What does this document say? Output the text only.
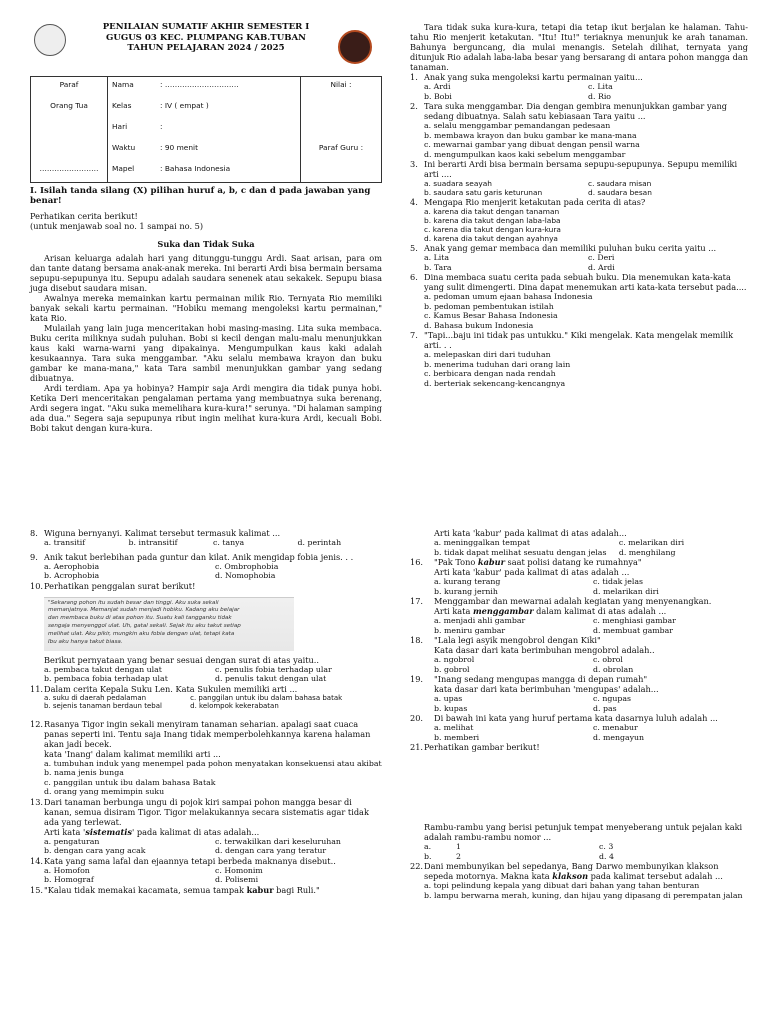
PENILAIAN SUMATIF AKHIR SEMESTER I
GUGUS 03 KEC. PLUMPANG KAB.TUBAN
TAHUN PELAJARAN 2024 / 2025
Paraf	Nama	: …………………………	Nilai :
Orang Tua	Kelas	: IV ( empat )	
	Hari	:	
	Waktu	: 90 menit	Paraf Guru :
……………………	Mapel	: Bahasa Indonesia	
I. Isilah tanda silang (X) pilihan huruf a, b, c dan d pada jawaban yang benar!

Perhatikan cerita berikut!

(untuk menjawab soal no. 1 sampai no. 5)

Suka dan Tidak Suka

Arisan keluarga adalah hari yang ditunggu-tunggu Ardi. Saat arisan, para om dan tante datang bersama anak-anak mereka. Ini berarti Ardi bisa bermain bersama sepupu-sepupunya itu. Sepupu adalah saudara senenek atau sekakek. Sepupu biasa juga disebut saudara misan.

Awalnya mereka memainkan kartu permainan milik Rio. Ternyata Rio memiliki banyak sekali kartu permainan. "Hobiku memang mengoleksi kartu permainan," kata Rio.

Mulailah yang lain juga menceritakan hobi masing-masing. Lita suka membaca. Buku cerita miliknya sudah puluhan. Bobi si kecil dengan malu-malu menunjukkan kaus kaki warna-warni yang dipakainya. Mengumpulkan kaus kaki adalah kesukaannya. Tara suka menggambar. "Aku selalu membawa krayon dan buku gambar ke mana-mana," kata Tara sambil menunjukkan gambar yang sedang dibuatnya.

Ardi terdiam. Apa ya hobinya? Hampir saja Ardi mengira dia tidak punya hobi. Ketika Deri menceritakan pengalaman pertama yang membuatnya suka berenang, Ardi segera ingat. "Aku suka memelihara kura-kura!" serunya. "Di halaman samping ada dua." Segera saja sepupunya ribut ingin melihat kura-kura Ardi, kecuali Bobi. Bobi takut dengan kura-kura.

Tara tidak suka kura-kura, tetapi dia tetap ikut berjalan ke halaman. Tahu-tahu Rio menjerit ketakutan. "Itu! Itu!" teriaknya menunjuk ke arah tanaman. Bahunya berguncang, dia mulai menangis. Setelah dilihat, ternyata yang ditunjuk Rio adalah laba-laba besar yang bersarang di antara pohon mangga dan tanaman.

1. Anak yang suka mengoleksi kartu permainan yaitu...
a. Ardi	c. Lita
b. Bobi	d. Rio
2. Tara suka menggambar. Dia dengan gembira menunjukkan gambar yang sedang dibuatnya. Salah satu kebiasaan Tara yaitu ...
a. selalu menggambar pemandangan pedesaan
b. membawa krayon dan buku gambar ke mana-mana
c. mewarnai gambar yang dibuat dengan pensil warna
d. mengumpulkan kaos kaki sebelum menggambar
3. Ini berarti Ardi bisa bermain bersama sepupu-sepupunya. Sepupu memiliki arti ....
a. suadara seayah	c. saudara misan
b. saudara satu garis keturunan	d. saudara besan
4. Mengapa Rio menjerit ketakutan pada cerita di atas?
a. karena dia takut dengan tanaman
b. karena dia takut dengan laba-laba
c. karena dia takut dengan kura-kura
d. karena dia takut dengan ayahnya
5. Anak yang gemar membaca dan memiliki puluhan buku cerita yaitu ...
a. Lita	c. Deri
b. Tara	d. Ardi
6. Dina membaca suatu cerita pada sebuah buku. Dia menemukan kata-kata yang sulit dimengerti. Dina dapat menemukan arti kata-kata tersebut pada....
a. pedoman umum ejaan bahasa Indonesia
b. pedoman pembentukan istilah
c. Kamus Besar Bahasa Indonesia
d. Bahasa bukum Indonesia
7. "Tapi...baju ini tidak pas untukku." Kiki mengelak. Kata mengelak memilik arti. . .
a. melepaskan diri dari tuduhan
b. menerima tuduhan dari orang lain
c. berbicara dengan nada rendah
d. berteriak sekencang-kencangnya
8. Wiguna bernyanyi. Kalimat tersebut termasuk kalimat ...
a. transitif	b. intransitif	c. tanya	d. perintah
9. Anik takut berlebihan pada guntur dan kilat. Anik mengidap fobia jenis. . .
a. Aerophobia	c. Ombrophobia
b. Acrophobia	d. Nomophobia
10. Perhatikan penggalan surat berikut!
"Sekarang pohon itu sudah besar dan tinggi. Aku suka sekali
memanjatnya. Memanjat sudah menjadi hobiku. Kadang aku belajar
dan membaca buku di atas pohon itu. Suatu kali tangganku tidak
sengaja menyenggol ulat. Uh, gatal sekali. Sejak itu aku takut setiap
melihat ulat. Aku pikir, mungkin aku fobia dengan ulat, tetapi kata
Ibu aku hanya takut biasa.
Berikut pernyataan yang benar sesuai dengan surat di atas yaitu..
a. pembaca takut dengan ulat	c. penulis fobia terhadap ular
b. pembaca fobia terhadap ulat	d. penulis takut dengan ulat
11. Dalam cerita Kepala Suku Len. Kata Sukulen memiliki arti ...
a. suku di daerah pedalaman	c. panggilan untuk ibu dalam bahasa batak
b. sejenis tanaman berdaun tebal	d. kelompok kekerabatan
12. Rasanya Tigor ingin sekali menyiram tanaman seharian. apalagi saat cuaca panas seperti ini. Tentu saja Inang tidak memperbolehkannya karena halaman akan jadi becek.
kata 'Inang' dalam kalimat memiliki arti ...
a. tumbuhan induk yang menempel pada pohon menyatakan konsekuensi atau akibat
b. nama jenis bunga
c. panggilan untuk ibu dalam bahasa Batak
d. orang yang memimpin suku
13. Dari tanaman berbunga ungu di pojok kiri sampai pohon mangga besar di kanan, semua disiram Tigor. Tigor melakukannya secara sistematis agar tidak ada yang terlewat.
Arti kata 'sistematis' pada kalimat di atas adalah...
a. pengaturan	c. terwakilkan dari keseluruhan
b. dengan cara yang acak	d. dengan cara yang teratur
14. Kata yang sama lafal dan ejaannya tetapi berbeda maknanya disebut..
a. Homofon	c. Homonim
b. Homograf	d. Polisemi
15. "Kalau tidak memakai kacamata, semua tampak kabur bagi Ruli."
Arti kata 'kabur' pada kalimat di atas adalah...
a. meninggalkan tempat	c. melarikan diri
b. tidak dapat melihat sesuatu dengan jelas	d. menghilang
16.	"Pak Tono kabur saat polisi datang ke rumahnya"
Arti kata 'kabur' pada kalimat di atas adalah ...
a. kurang terang	c. tidak jelas
b. kurang jernih	d. melarikan diri
17.	Menggambar dan mewarnai adalah kegiatan yang menyenangkan.
Arti kata menggambar dalam kalimat di atas adalah ...
a. menjadi ahli gambar	c. menghiasi gambar
b. meniru gambar	d. membuat gambar
18.	"Lala legi asyik mengobrol dengan Kiki"
Kata dasar dari kata berimbuhan mengobrol adalah..
a. ngobrol	c. obrol
b. gobrol	d. obrolan
19.	"Inang sedang mengupas mangga di depan rumah"
kata dasar dari kata berimbuhan 'mengupas' adalah...
a. upas	c. ngupas
b. kupas	d. pas
20.	Di bawah ini kata yang huruf pertama kata dasarnya luluh adalah ...
a. melihat	c. menabur
b. memberi	d. mengayun
21. Perhatikan gambar berikut!
Rambu-rambu yang berisi petunjuk tempat menyeberang untuk pejalan kaki adalah rambu-rambu nomor ...
a.	1	c. 3
b.	2	d. 4
22. Dani membunyikan bel sepedanya, Bang Darwo membunyikan klakson sepeda motornya. Makna kata klakson pada kalimat tersebut adalah ...
a. topi pelindung kepala yang dibuat dari bahan yang tahan benturan
b. lampu berwarna merah, kuning, dan hijau yang dipasang di perempatan jalan
